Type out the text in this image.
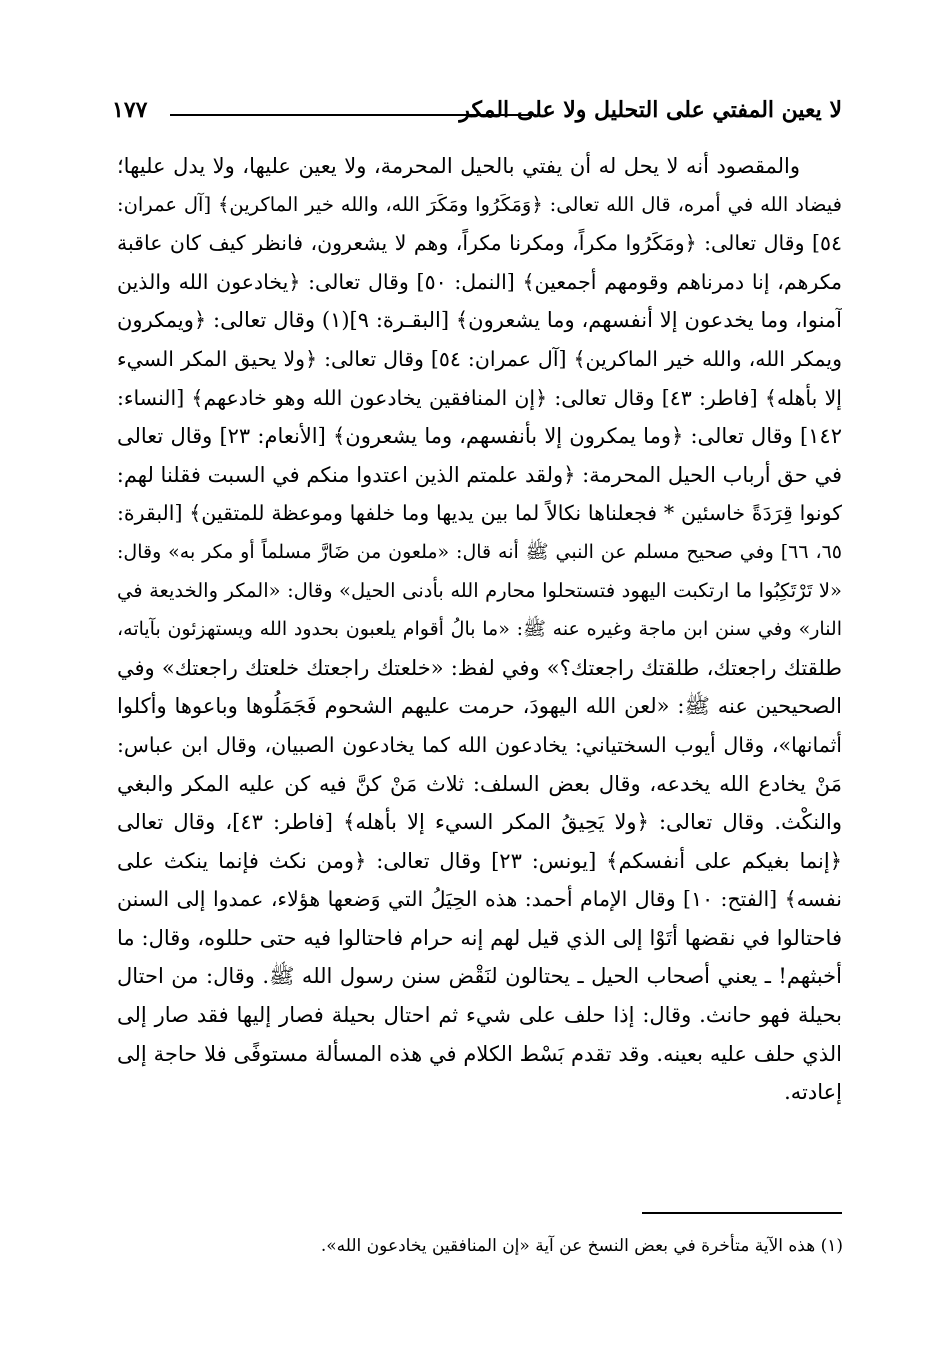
لا يعين المفتي على التحليل ولا على المكر
١٧٧
والمقصود أنه لا يحل له أن يفتي بالحيل المحرمة، ولا يعين عليها، ولا يدل عليها؛
فيضاد الله في أمره، قال الله تعالى: ﴿وَمَكَرُوا ومَكَرَ الله، والله خير الماكرين﴾ [آل عمران:
٥٤] وقال تعالى: ﴿ومَكَرُوا مكراً، ومكرنا مكراً، وهم لا يشعرون، فانظر كيف كان عاقبة
مكرهم، إنا دمرناهم وقومهم أجمعين﴾ [النمل: ٥٠] وقال تعالى: ﴿يخادعون الله والذين
آمنوا، وما يخدعون إلا أنفسهم، وما يشعرون﴾ [البقـرة: ٩](١) وقال تعالى: ﴿ويمكرون
ويمكر الله، والله خير الماكرين﴾ [آل عمران: ٥٤] وقال تعالى: ﴿ولا يحيق المكر السيء
إلا بأهله﴾ [فاطر: ٤٣] وقال تعالى: ﴿إن المنافقين يخادعون الله وهو خادعهم﴾ [النساء:
١٤٢] وقال تعالى: ﴿وما يمكرون إلا بأنفسهم، وما يشعرون﴾ [الأنعام: ٢٣] وقال تعالى
في حق أرباب الحيل المحرمة: ﴿ولقد علمتم الذين اعتدوا منكم في السبت فقلنا لهم:
كونوا قِرَدَةً خاسئين * فجعلناها نكالاً لما بين يديها وما خلفها وموعظة للمتقين﴾ [البقرة:
٦٥، ٦٦] وفي صحيح مسلم عن النبي ﷺ أنه قال: «ملعون من ضَارَّ مسلماً أو مكر به» وقال:
«لا تَرْتَكِبُوا ما ارتكبت اليهود فتستحلوا محارم الله بأدنى الحيل» وقال: «المكر والخديعة في
النار» وفي سنن ابن ماجة وغيره عنه ﷺ: «ما بالُ أقوام يلعبون بحدود الله ويستهزئون بآياته،
طلقتك راجعتك، طلقتك راجعتك؟» وفي لفظ: «خلعتك راجعتك خلعتك راجعتك» وفي
الصحيحين عنه ﷺ: «لعن الله اليهودَ، حرمت عليهم الشحوم فَجَمَلُوها وباعوها وأكلوا
أثمانها»، وقال أيوب السختياني: يخادعون الله كما يخادعون الصبيان، وقال ابن عباس:
مَنْ يخادع الله يخدعه، وقال بعض السلف: ثلاث مَنْ كنَّ فيه كن عليه المكر والبغي
والنكْث. وقال تعالى: ﴿ولا يَحِيقُ المكر السيء إلا بأهله﴾ [فاطر: ٤٣]، وقال تعالى
﴿إنما بغيكم على أنفسكم﴾ [يونس: ٢٣] وقال تعالى: ﴿ومن نكث فإنما ينكث على
نفسه﴾ [الفتح: ١٠] وقال الإمام أحمد: هذه الحِيَلُ التي وَضعها هؤلاء، عمدوا إلى السنن
فاحتالوا في نقضها أتَوْا إلى الذي قيل لهم إنه حرام فاحتالوا فيه حتى حللوه، وقال: ما
أخبثهم! ـ يعني أصحاب الحيل ـ يحتالون لنَقْض سنن رسول الله ﷺ. وقال: من احتال
بحيلة فهو حانث. وقال: إذا حلف على شيء ثم احتال بحيلة فصار إليها فقد صار إلى
الذي حلف عليه بعينه. وقد تقدم بَسْط الكلام في هذه المسألة مستوفًى فلا حاجة إلى
إعادته.
(١) هذه الآية متأخرة في بعض النسخ عن آية «إن المنافقين يخادعون الله».
